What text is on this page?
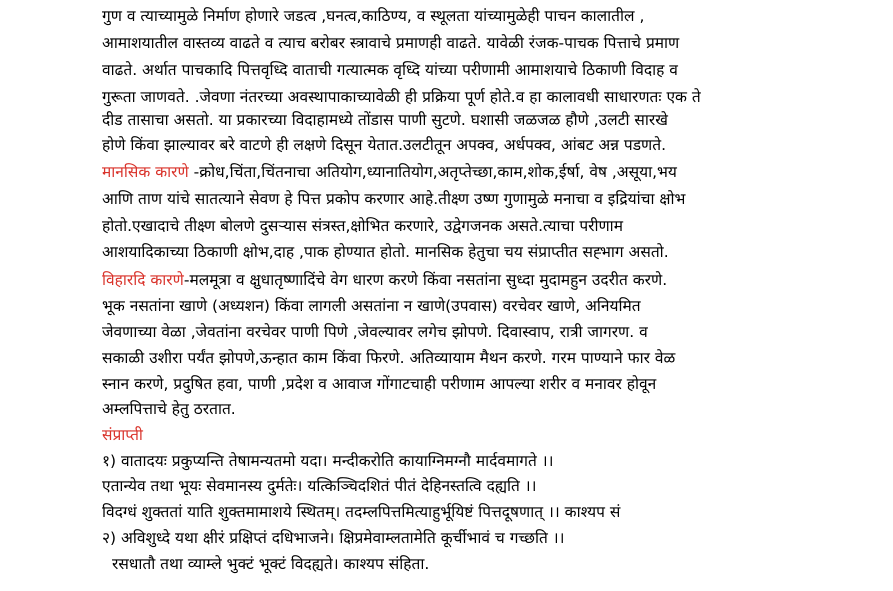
गुण व त्याच्यामुळे निर्माण होणारे जडत्व ,घनत्व,काठिण्य, व स्थूलता यांच्यामुळेही पाचन कालातील ,
आमाशयातील वास्तव्य वाढते व त्याच बरोबर स्त्रावाचे प्रमाणही वाढते. यावेळी रंजक-पाचक पित्ताचे प्रमाण
वाढते. अर्थात पाचकादि पित्तवृध्दि वाताची गत्यात्मक वृध्दि यांच्या परीणामी आमाशयाचे ठिकाणी विदाह व
गुरूता जाणवते. .जेवणा नंतरच्या अवस्थापाकाच्यावेळी ही प्रक्रिया पूर्ण होते.व हा कालावधी साधारणतः एक ते
दीड तासाचा असतो. या प्रकारच्या विदाहामध्ये तोंडास पाणी सुटणे. घशासी जळजळ हौणे ,उलटी सारखे
होणे किंवा झाल्यावर बरे वाटणे ही लक्षणे दिसून येतात.उलटीतून अपक्व, अर्धपक्व, आंबट अन्न पडणते.
मानसिक कारणे -क्रोध,चिंता,चिंतनाचा अतियोग,ध्यानातियोग,अतृप्तेच्छा,काम,शोक,ईर्षा, वेष ,असूया,भय
आणि ताण यांचे सातत्याने सेवण हे पित्त प्रकोप करणार आहे.तीक्ष्ण उष्ण गुणामुळे मनाचा व इद्रियांचा क्षोभ
होतो.एखादाचे तीक्ष्ण बोलणे दुसऱ्यास संत्रस्त,क्षोभित करणारे, उद्वेगजनक असते.त्याचा परीणाम
आशयादिकाच्या ठिकाणी क्षोभ,दाह ,पाक होण्यात होतो. मानसिक हेतुचा चय संप्राप्तीत सह्भाग असतो.
विहारदि कारणे-मलमूत्रा व क्षुधातृष्णादिंचे वेग धारण करणे किंवा नसतांना सुध्दा मुदामहुन उदरीत करणे.
भूक नसतांना खाणे (अध्यशन) किंवा लागली असतांना न खाणे(उपवास) वरचेवर खाणे, अनियमित
जेवणाच्या वेळा ,जेवतांना वरचेवर पाणी पिणे ,जेवल्यावर लगेच झोपणे. दिवास्वाप, रात्री जागरण. व
सकाळी उशीरा पर्यंत झोपणे,ऊन्हात काम किंवा फिरणे. अतिव्यायाम मैथन करणे. गरम पाण्याने फार वेळ
स्नान करणे, प्रदुषित हवा, पाणी ,प्रदेश व आवाज गोंगाटचाही परीणाम आपल्या शरीर व मनावर होवून
अम्लपित्ताचे हेतु ठरतात.
संप्राप्ती
१) वातादयः प्रकुप्यन्ति तेषामन्यतमो यदा। मन्दीकरोति कायाग्निमग्नौ मार्दवमागते ।।
एतान्येव तथा भूयः सेवमानस्य दुर्मतेः। यत्किञ्चिदशितं पीतं देहिनस्तत्वि दह्यति ।।
विदग्धं शुक्ततां याति शुक्तमामाशये स्थितम्। तदम्लपित्तमित्याहुर्भूयिष्टं पित्तदूषणात् ।। काश्यप सं
२) अविशुध्दे यथा क्षीरं प्रक्षिप्तं दधिभाजने। क्षिप्रमेवाम्लतामेति कूर्चीभावं च गच्छति ।।
रसधातौ तथा व्याम्ले भुक्टं भूक्टं विदह्यते। काश्यप संहिता.
